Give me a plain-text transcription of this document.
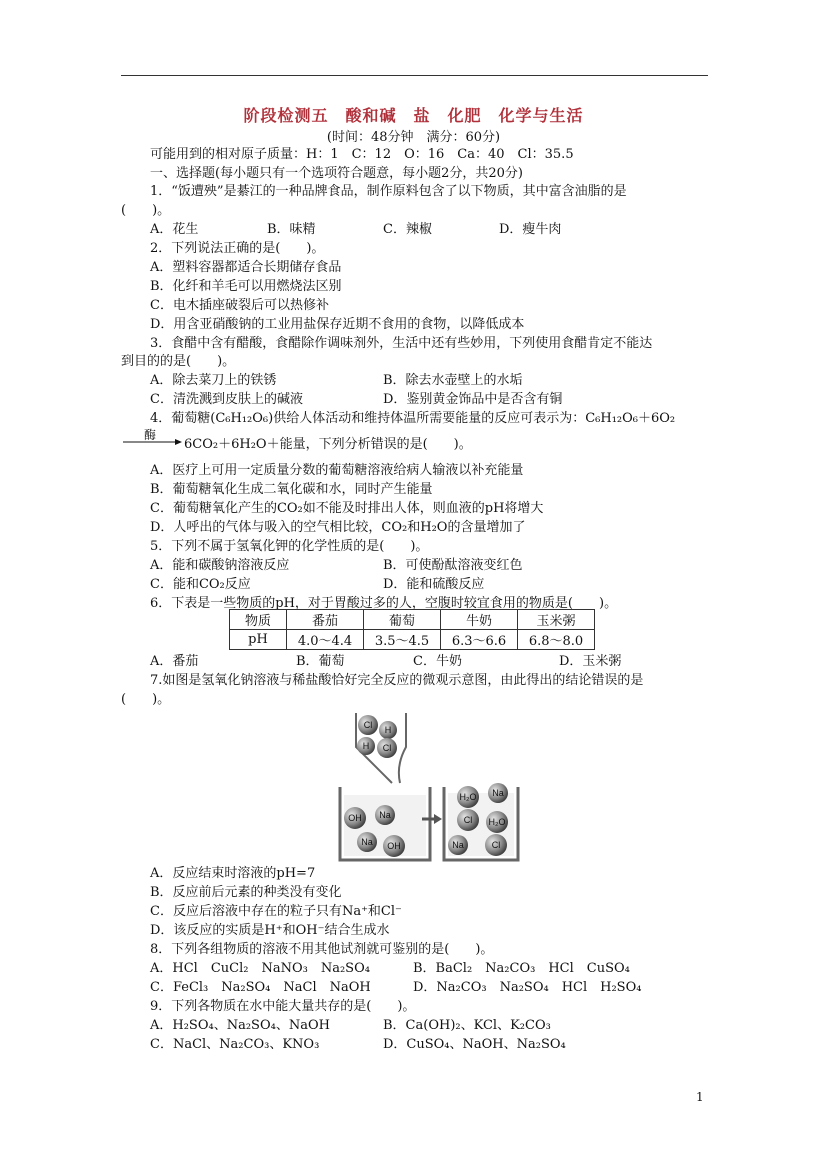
阶段检测五　酸和碱　盐　化肥　化学与生活
(时间：48分钟　满分：60分)
可能用到的相对原子质量：H：1　C：12　O：16　Ca：40　Cl：35.5
一、选择题(每小题只有一个选项符合题意，每小题2分，共20分)
1．“饭遭殃”是綦江的一种品牌食品，制作原料包含了以下物质，其中富含油脂的是
(　　)。
A．花生	B．味精	C．辣椒	D．瘦牛肉
2．下列说法正确的是(　　)。
A．塑料容器都适合长期储存食品
B．化纤和羊毛可以用燃烧法区别
C．电木插座破裂后可以热修补
D．用含亚硝酸钠的工业用盐保存近期不食用的食物，以降低成本
3．食醋中含有醋酸，食醋除作调味剂外，生活中还有些妙用，下列使用食醋肯定不能达
到目的的是(　　)。
A．除去菜刀上的铁锈	B．除去水壶壁上的水垢
C．清洗溅到皮肤上的碱液	D．鉴别黄金饰品中是否含有铜
4．葡萄糖(C₆H₁₂O₆)供给人体活动和维持体温所需要能量的反应可表示为：C₆H₁₂O₆＋6O₂
酶
6CO₂＋6H₂O＋能量，下列分析错误的是(　　)。
A．医疗上可用一定质量分数的葡萄糖溶液给病人输液以补充能量
B．葡萄糖氧化生成二氧化碳和水，同时产生能量
C．葡萄糖氧化产生的CO₂如不能及时排出人体，则血液的pH将增大
D．人呼出的气体与吸入的空气相比较，CO₂和H₂O的含量增加了
5．下列不属于氢氧化钾的化学性质的是(　　)。
A．能和碳酸钠溶液反应	B．可使酚酞溶液变红色
C．能和CO₂反应	D．能和硫酸反应
6．下表是一些物质的pH，对于胃酸过多的人，空腹时较宜食用的物质是(　　)。
物质	番茄	葡萄	牛奶	玉米粥
pH	4.0～4.4	3.5～4.5	6.3～6.6	6.8～8.0
A．番茄	B．葡萄	C．牛奶	D．玉米粥
7.如图是氢氧化钠溶液与稀盐酸恰好完全反应的微观示意图，由此得出的结论错误的是
(　　)。
Cl H
H Cl
OH Na
Na OH
H₂O Na
Cl H₂O
Na	Cl
A．反应结束时溶液的pH=7
B．反应前后元素的种类没有变化
C．反应后溶液中存在的粒子只有Na⁺和Cl⁻
D．该反应的实质是H⁺和OH⁻结合生成水
8．下列各组物质的溶液不用其他试剂就可鉴别的是(　　)。
A．HCl　CuCl₂　NaNO₃　Na₂SO₄	B．BaCl₂　Na₂CO₃　HCl　CuSO₄
C．FeCl₃　Na₂SO₄　NaCl　NaOH	D．Na₂CO₃　Na₂SO₄　HCl　H₂SO₄
9．下列各物质在水中能大量共存的是(　　)。
A．H₂SO₄、Na₂SO₄、NaOH	B．Ca(OH)₂、KCl、K₂CO₃
C．NaCl、Na₂CO₃、KNO₃	D．CuSO₄、NaOH、Na₂SO₄
1
